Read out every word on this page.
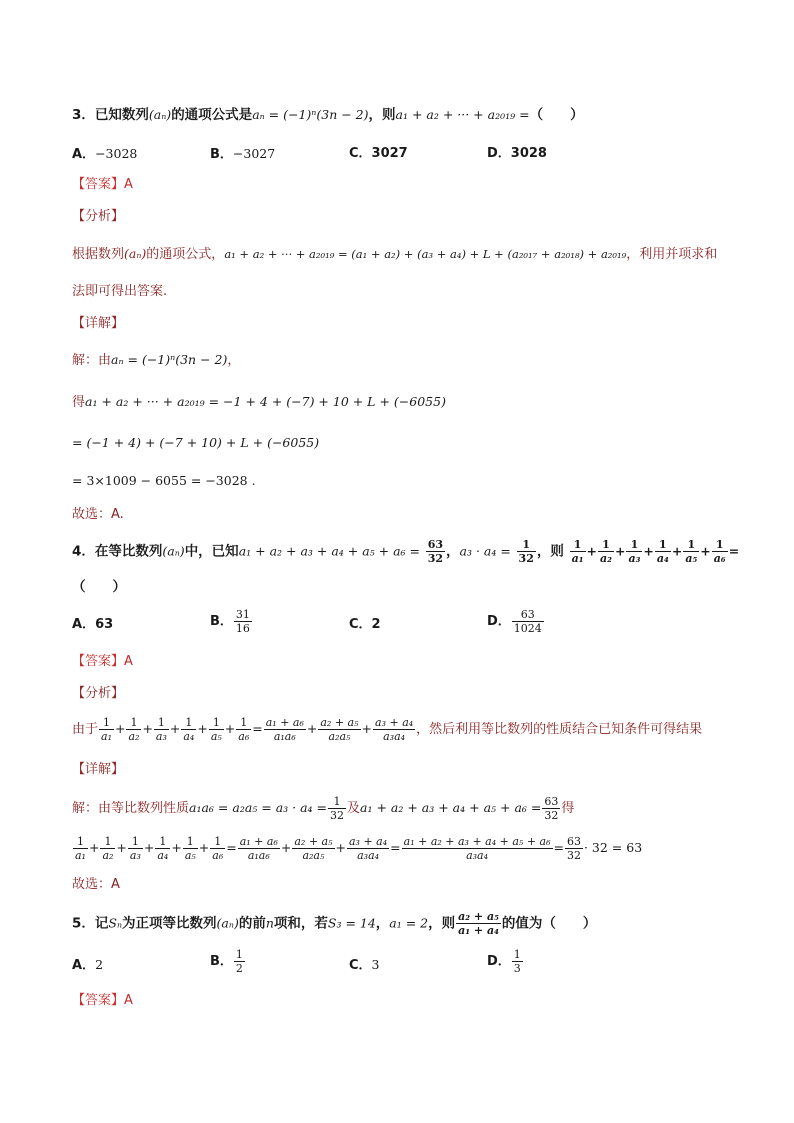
3．已知数列(aₙ)的通项公式是aₙ = (−1)ⁿ(3n − 2)，则a₁ + a₂ + ··· + a₂₀₁₉ =（　　）
A．−3028	B．−3027	C．3027	D．3028
【答案】A
【分析】
根据数列(aₙ)的通项公式，a₁ + a₂ + ··· + a₂₀₁₉ = (a₁ + a₂) + (a₃ + a₄) + L + (a₂₀₁₇ + a₂₀₁₈) + a₂₀₁₉，利用并项求和
法即可得出答案.
【详解】
解：由aₙ = (−1)ⁿ(3n − 2)，
得a₁ + a₂ + ··· + a₂₀₁₉ = −1 + 4 + (−7) + 10 + L + (−6055)
= (−1 + 4) + (−7 + 10) + L + (−6055)
= 3×1009 − 6055 = −3028 .
故选：A.
4．在等比数列(aₙ)中，已知$a_1 + a_2 + a_3 + a_4 + a_5 + a_6 = \frac{63}{32}$ ，$a_3 \cdot a_4 = \frac{1}{32}$ ，则 $\frac{1}{\text{a₁}} + \frac{1}{\text{a₂}} + \frac{1}{\text{a₃}} + \frac{1}{\text{a₄}} + \frac{1}{\text{a₅}} + \frac{1}{\text{a₆}}$ =
（　　）
A．63	B． $\frac{31}{16}$	C．2	D． $\frac{63}{1024}$
【答案】A
【分析】
由于 $\frac{1}{\text{a₁}} + \frac{1}{\text{a₂}} + \frac{1}{\text{a₃}} + \frac{1}{\text{a₄}} + \frac{1}{\text{a₅}} + \frac{1}{\text{a₆}} = \frac{\text{a₁ + a₆}}{\text{a₁a₆}} + \frac{\text{a₂ + a₅}}{\text{a₂a₅}} + \frac{\text{a₃ + a₄}}{\text{a₃a₄}}$ ，然后利用等比数列的性质结合已知条件可得结果
【详解】
解：由等比数列性质$a_1a_6 = a_2a_5 = a_3 \cdot a_4 = \frac{1}{32}$ 及$a_1 + a_2 + a_3 + a_4 + a_5 + a_6 = \frac{63}{32}$ 得
$\frac{1}{\text{a₁}} + \frac{1}{\text{a₂}} + \frac{1}{\text{a₃}} + \frac{1}{\text{a₄}} + \frac{1}{\text{a₅}} + \frac{1}{\text{a₆}} = \frac{\text{a₁ + a₆}}{\text{a₁a₆}} + \frac{\text{a₂ + a₅}}{\text{a₂a₅}} + \frac{\text{a₃ + a₄}}{\text{a₃a₄}} = \frac{\text{a₁ + a₂ + a₃ + a₄ + a₅ + a₆}}{\text{a₃a₄}} = \frac{63}{32} \cdot 32 = 63$
故选：A
5．记Sₙ为正项等比数列(aₙ)的前n项和，若S₃ = 14，a₁ = 2，则 $\frac{\text{a₂ + a₅}}{\text{a₁ + a₄}}$ 的值为（　　）
A．2	B． $\frac{1}{2}$	C．3	D． $\frac{1}{3}$
【答案】A
